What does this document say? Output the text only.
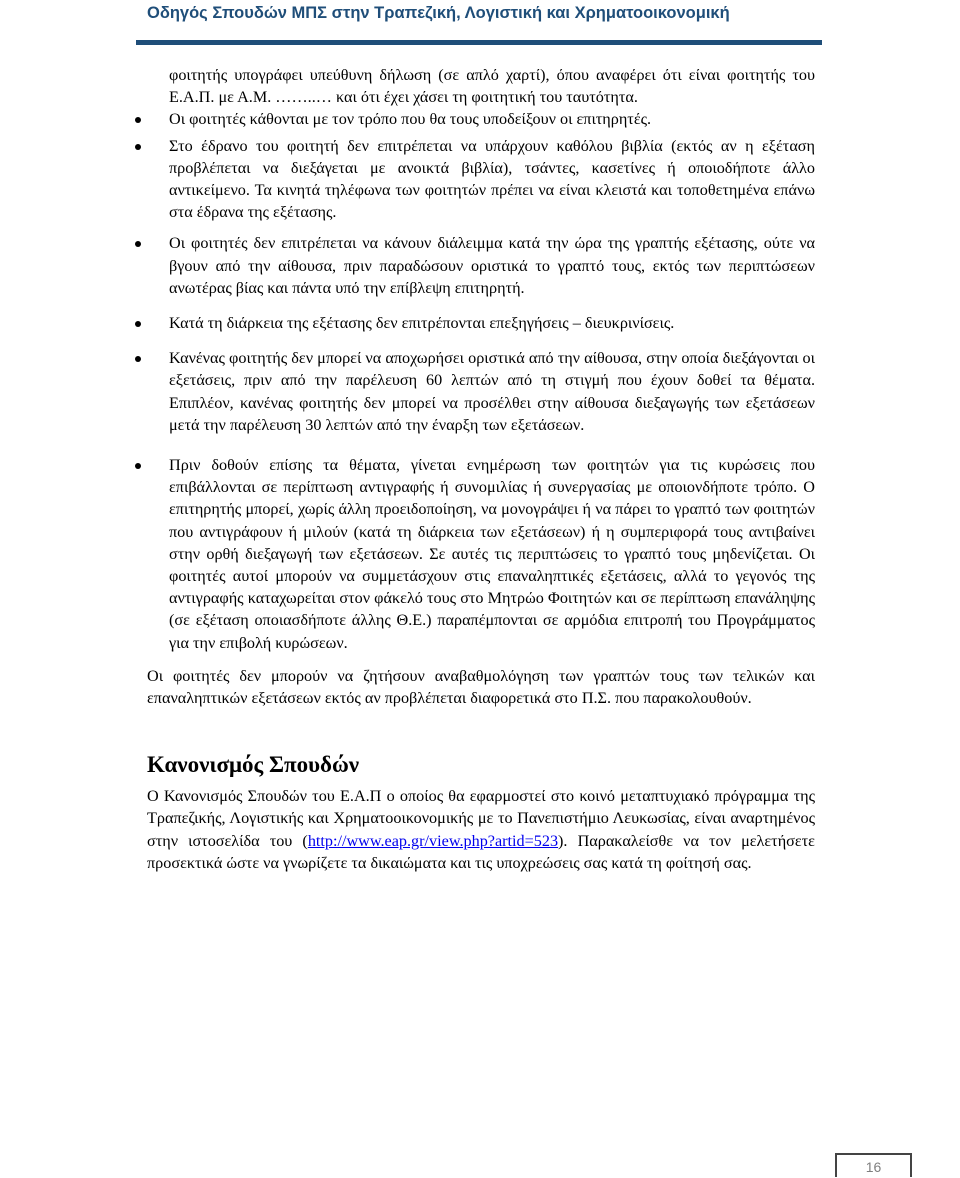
Οδηγός Σπουδών ΜΠΣ στην Τραπεζική, Λογιστική και Χρηματοοικονομική
φοιτητής υπογράφει υπεύθυνη δήλωση (σε απλό χαρτί), όπου αναφέρει ότι είναι φοιτητής του Ε.Α.Π. με Α.Μ. ……..… και ότι έχει χάσει τη φοιτητική του ταυτότητα.
Οι φοιτητές κάθονται με τον τρόπο που θα τους υποδείξουν οι επιτηρητές.
Στο έδρανο του φοιτητή δεν επιτρέπεται να υπάρχουν καθόλου βιβλία (εκτός αν η εξέταση προβλέπεται να διεξάγεται με ανοικτά βιβλία), τσάντες, κασετίνες ή οποιοδήποτε άλλο αντικείμενο. Τα κινητά τηλέφωνα των φοιτητών πρέπει να είναι κλειστά και τοποθετημένα επάνω στα έδρανα της εξέτασης.
Οι φοιτητές δεν επιτρέπεται να κάνουν διάλειμμα κατά την ώρα της γραπτής εξέτασης, ούτε να βγουν από την αίθουσα, πριν παραδώσουν οριστικά το γραπτό τους, εκτός των περιπτώσεων ανωτέρας βίας και πάντα υπό την επίβλεψη επιτηρητή.
Κατά τη διάρκεια της εξέτασης δεν επιτρέπονται επεξηγήσεις – διευκρινίσεις.
Κανένας φοιτητής δεν μπορεί να αποχωρήσει οριστικά από την αίθουσα, στην οποία διεξάγονται οι εξετάσεις, πριν από την παρέλευση 60 λεπτών από τη στιγμή που έχουν δοθεί τα θέματα. Επιπλέον, κανένας φοιτητής δεν μπορεί να προσέλθει στην αίθουσα διεξαγωγής των εξετάσεων μετά την παρέλευση 30 λεπτών από την έναρξη των εξετάσεων.
Πριν δοθούν επίσης τα θέματα, γίνεται ενημέρωση των φοιτητών για τις κυρώσεις που επιβάλλονται σε περίπτωση αντιγραφής ή συνομιλίας ή συνεργασίας με οποιονδήποτε τρόπο. Ο επιτηρητής μπορεί, χωρίς άλλη προειδοποίηση, να μονογράψει ή να πάρει το γραπτό των φοιτητών που αντιγράφουν ή μιλούν (κατά τη διάρκεια των εξετάσεων) ή η συμπεριφορά τους αντιβαίνει στην ορθή διεξαγωγή των εξετάσεων. Σε αυτές τις περιπτώσεις το γραπτό τους μηδενίζεται. Οι φοιτητές αυτοί μπορούν να συμμετάσχουν στις επαναληπτικές εξετάσεις, αλλά το γεγονός της αντιγραφής καταχωρείται στον φάκελό τους στο Μητρώο Φοιτητών και σε περίπτωση επανάληψης (σε εξέταση οποιασδήποτε άλλης Θ.Ε.) παραπέμπονται σε αρμόδια επιτροπή του Προγράμματος για την επιβολή κυρώσεων.

Οι φοιτητές δεν μπορούν να ζητήσουν αναβαθμολόγηση των γραπτών τους των τελικών και επαναληπτικών εξετάσεων εκτός αν προβλέπεται διαφορετικά στο Π.Σ. που παρακολουθούν.

Κανονισμός Σπουδών

Ο Κανονισμός Σπουδών του Ε.Α.Π ο οποίος θα εφαρμοστεί στο κοινό μεταπτυχιακό πρόγραμμα της Τραπεζικής, Λογιστικής και Χρηματοοικονομικής με το Πανεπιστήμιο Λευκωσίας, είναι αναρτημένος στην ιστοσελίδα του (http://www.eap.gr/view.php?artid=523). Παρακαλείσθε να τον μελετήσετε προσεκτικά ώστε να γνωρίζετε τα δικαιώματα και τις υποχρεώσεις σας κατά τη φοίτησή σας.

16
